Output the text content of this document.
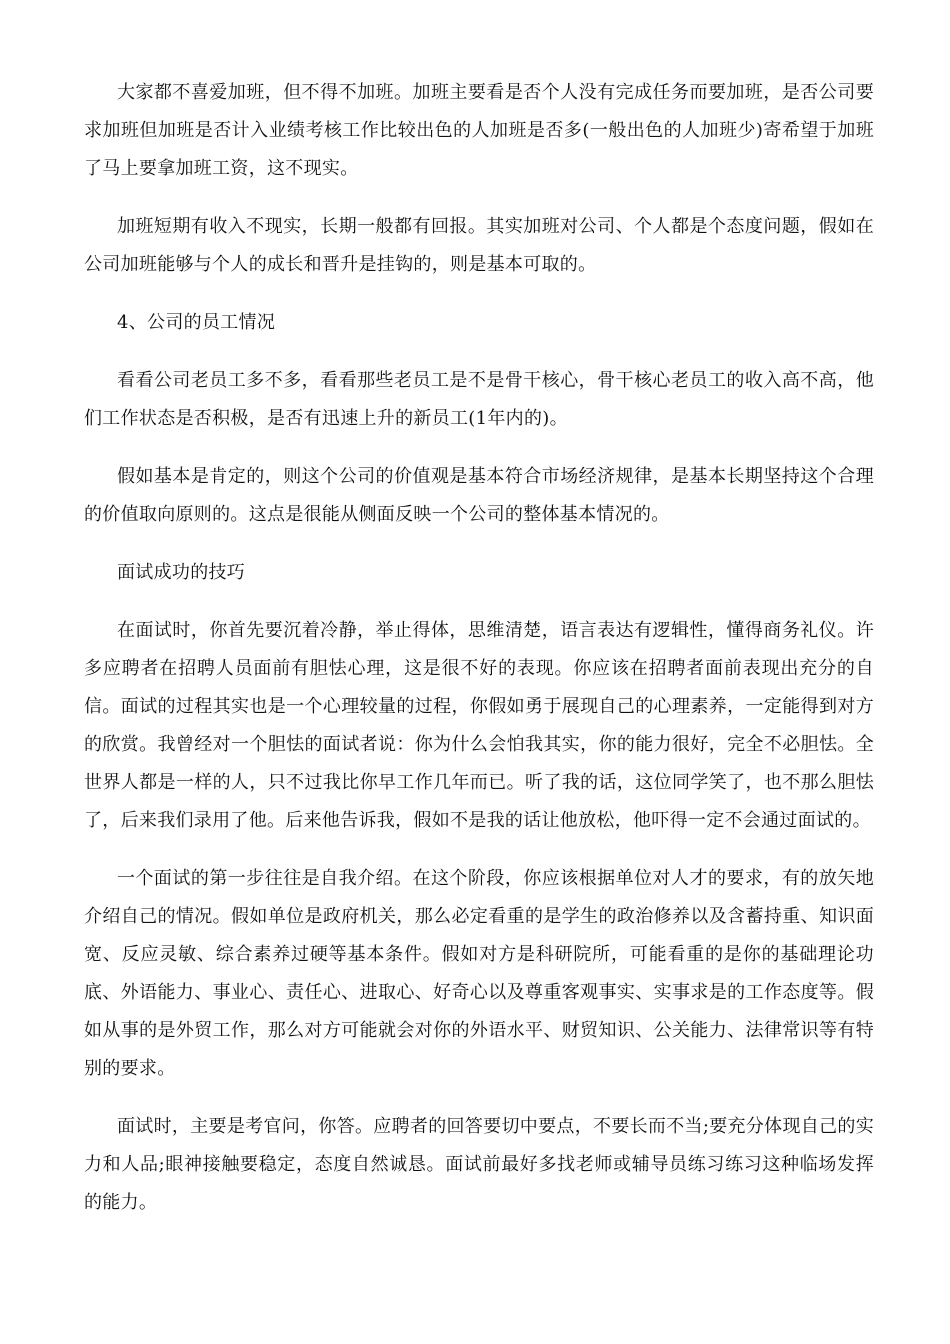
大家都不喜爱加班，但不得不加班。加班主要看是否个人没有完成任务而要加班，是否公司要求加班但加班是否计入业绩考核工作比较出色的人加班是否多(一般出色的人加班少)寄希望于加班了马上要拿加班工资，这不现实。

加班短期有收入不现实，长期一般都有回报。其实加班对公司、个人都是个态度问题，假如在公司加班能够与个人的成长和晋升是挂钩的，则是基本可取的。

4、公司的员工情况

看看公司老员工多不多，看看那些老员工是不是骨干核心，骨干核心老员工的收入高不高，他们工作状态是否积极，是否有迅速上升的新员工(1年内的)。

假如基本是肯定的，则这个公司的价值观是基本符合市场经济规律，是基本长期坚持这个合理的价值取向原则的。这点是很能从侧面反映一个公司的整体基本情况的。

面试成功的技巧

在面试时，你首先要沉着冷静，举止得体，思维清楚，语言表达有逻辑性，懂得商务礼仪。许多应聘者在招聘人员面前有胆怯心理，这是很不好的表现。你应该在招聘者面前表现出充分的自信。面试的过程其实也是一个心理较量的过程，你假如勇于展现自己的心理素养，一定能得到对方的欣赏。我曾经对一个胆怯的面试者说：你为什么会怕我其实，你的能力很好，完全不必胆怯。全世界人都是一样的人，只不过我比你早工作几年而已。听了我的话，这位同学笑了，也不那么胆怯了，后来我们录用了他。后来他告诉我，假如不是我的话让他放松，他吓得一定不会通过面试的。

一个面试的第一步往往是自我介绍。在这个阶段，你应该根据单位对人才的要求，有的放矢地介绍自己的情况。假如单位是政府机关，那么必定看重的是学生的政治修养以及含蓄持重、知识面宽、反应灵敏、综合素养过硬等基本条件。假如对方是科研院所，可能看重的是你的基础理论功底、外语能力、事业心、责任心、进取心、好奇心以及尊重客观事实、实事求是的工作态度等。假如从事的是外贸工作，那么对方可能就会对你的外语水平、财贸知识、公关能力、法律常识等有特别的要求。

面试时，主要是考官问，你答。应聘者的回答要切中要点，不要长而不当;要充分体现自己的实力和人品;眼神接触要稳定，态度自然诚恳。面试前最好多找老师或辅导员练习练习这种临场发挥的能力。
